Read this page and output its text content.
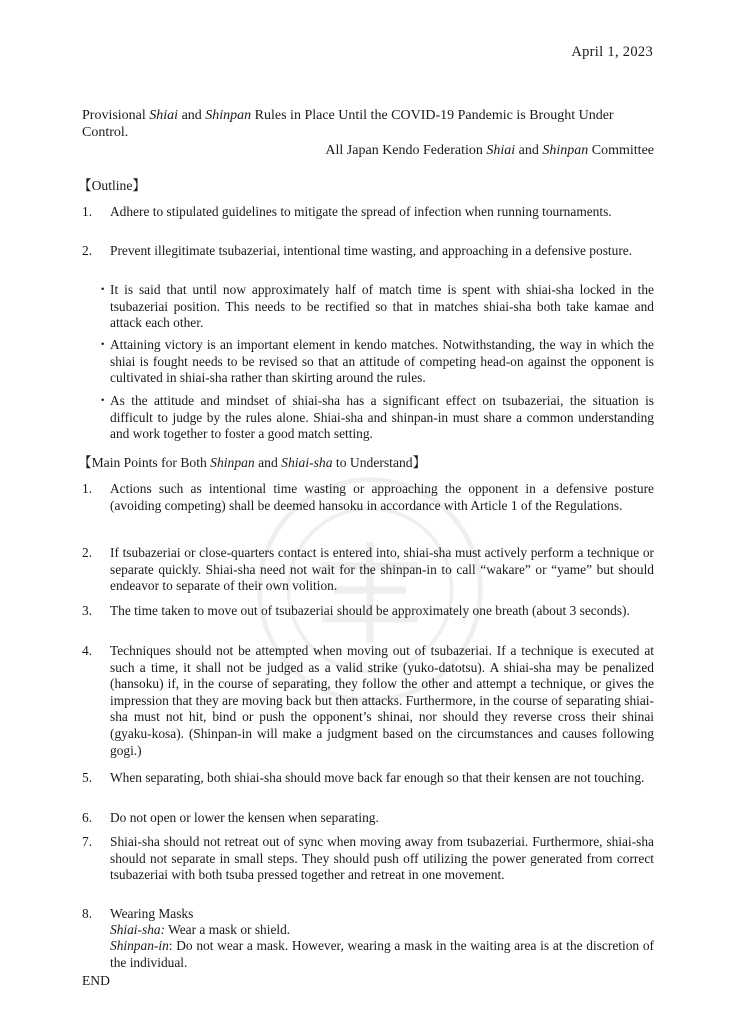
April 1, 2023
Provisional Shiai and Shinpan Rules in Place Until the COVID-19 Pandemic is Brought Under Control.
All Japan Kendo Federation Shiai and Shinpan Committee
【Outline】
1.	Adhere to stipulated guidelines to mitigate the spread of infection when running tournaments.
2.	Prevent illegitimate tsubazeriai, intentional time wasting, and approaching in a defensive posture.
・ It is said that until now approximately half of match time is spent with shiai-sha locked in the tsubazeriai position. This needs to be rectified so that in matches shiai-sha both take kamae and attack each other.
・ Attaining victory is an important element in kendo matches. Notwithstanding, the way in which the shiai is fought needs to be revised so that an attitude of competing head-on against the opponent is cultivated in shiai-sha rather than skirting around the rules.
・ As the attitude and mindset of shiai-sha has a significant effect on tsubazeriai, the situation is difficult to judge by the rules alone. Shiai-sha and shinpan-in must share a common understanding and work together to foster a good match setting.
【Main Points for Both Shinpan and Shiai-sha to Understand】
1.	Actions such as intentional time wasting or approaching the opponent in a defensive posture (avoiding competing) shall be deemed hansoku in accordance with Article 1 of the Regulations.
2.	If tsubazeriai or close-quarters contact is entered into, shiai-sha must actively perform a technique or separate quickly. Shiai-sha need not wait for the shinpan-in to call “wakare” or “yame” but should endeavor to separate of their own volition.
3.	The time taken to move out of tsubazeriai should be approximately one breath (about 3 seconds).
4.	Techniques should not be attempted when moving out of tsubazeriai. If a technique is executed at such a time, it shall not be judged as a valid strike (yuko-datotsu). A shiai-sha may be penalized (hansoku) if, in the course of separating, they follow the other and attempt a technique, or gives the impression that they are moving back but then attacks. Furthermore, in the course of separating shiai-sha must not hit, bind or push the opponent’s shinai, nor should they reverse cross their shinai (gyaku-kosa). (Shinpan-in will make a judgment based on the circumstances and causes following gogi.)
5.	When separating, both shiai-sha should move back far enough so that their kensen are not touching.
6.	Do not open or lower the kensen when separating.
7.	Shiai-sha should not retreat out of sync when moving away from tsubazeriai. Furthermore, shiai-sha should not separate in small steps. They should push off utilizing the power generated from correct tsubazeriai with both tsuba pressed together and retreat in one movement.
8.	Wearing Masks
Shiai-sha: Wear a mask or shield.
Shinpan-in: Do not wear a mask. However, wearing a mask in the waiting area is at the discretion of the individual.
END
